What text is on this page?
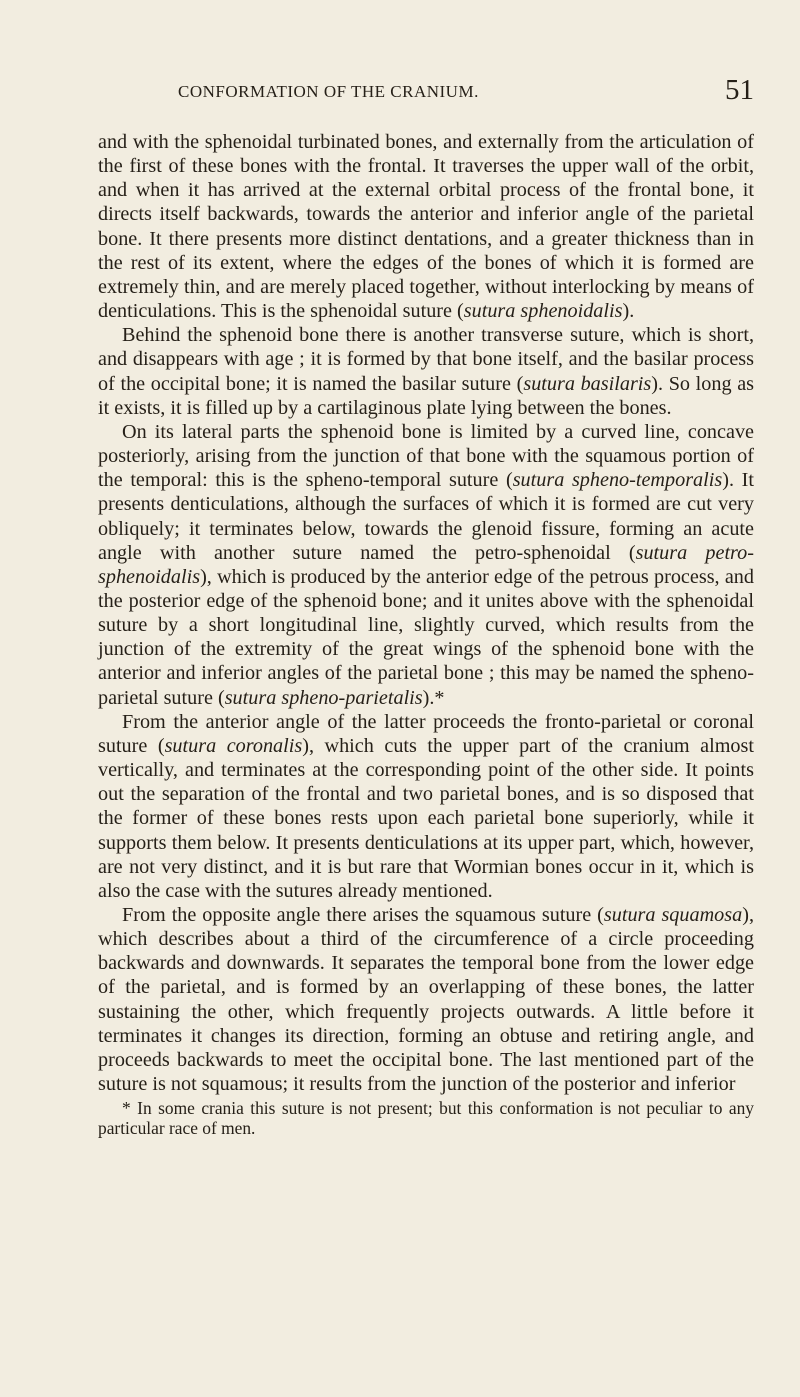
CONFORMATION OF THE CRANIUM.	51

and with the sphenoidal turbinated bones, and externally from the articulation of the first of these bones with the frontal. It traverses the upper wall of the orbit, and when it has arrived at the external orbital process of the frontal bone, it directs itself backwards, towards the anterior and inferior angle of the parietal bone. It there presents more distinct dentations, and a greater thickness than in the rest of its extent, where the edges of the bones of which it is formed are extremely thin, and are merely placed together, without interlocking by means of denticulations. This is the sphenoidal suture (sutura sphenoidalis).

Behind the sphenoid bone there is another transverse suture, which is short, and disappears with age ; it is formed by that bone itself, and the basilar process of the occipital bone; it is named the basilar suture (sutura basilaris). So long as it exists, it is filled up by a cartilaginous plate lying between the bones.

On its lateral parts the sphenoid bone is limited by a curved line, concave posteriorly, arising from the junction of that bone with the squamous portion of the temporal: this is the spheno-temporal suture (sutura spheno-temporalis). It presents denticulations, although the surfaces of which it is formed are cut very obliquely; it terminates below, towards the glenoid fissure, forming an acute angle with another suture named the petro-sphenoidal (sutura petro-sphenoidalis), which is produced by the anterior edge of the petrous process, and the posterior edge of the sphenoid bone; and it unites above with the sphenoidal suture by a short longitudinal line, slightly curved, which results from the junction of the extremity of the great wings of the sphenoid bone with the anterior and inferior angles of the parietal bone ; this may be named the spheno-parietal suture (sutura spheno-parietalis).*

From the anterior angle of the latter proceeds the fronto-parietal or coronal suture (sutura coronalis), which cuts the upper part of the cranium almost vertically, and terminates at the corresponding point of the other side. It points out the separation of the frontal and two parietal bones, and is so disposed that the former of these bones rests upon each parietal bone superiorly, while it supports them below. It presents denticulations at its upper part, which, however, are not very distinct, and it is but rare that Wormian bones occur in it, which is also the case with the sutures already mentioned.

From the opposite angle there arises the squamous suture (sutura squamosa), which describes about a third of the circumference of a circle proceeding backwards and downwards. It separates the temporal bone from the lower edge of the parietal, and is formed by an overlapping of these bones, the latter sustaining the other, which frequently projects outwards. A little before it terminates it changes its direction, forming an obtuse and retiring angle, and proceeds backwards to meet the occipital bone. The last mentioned part of the suture is not squamous; it results from the junction of the posterior and inferior

* In some crania this suture is not present; but this conformation is not peculiar to any particular race of men.
